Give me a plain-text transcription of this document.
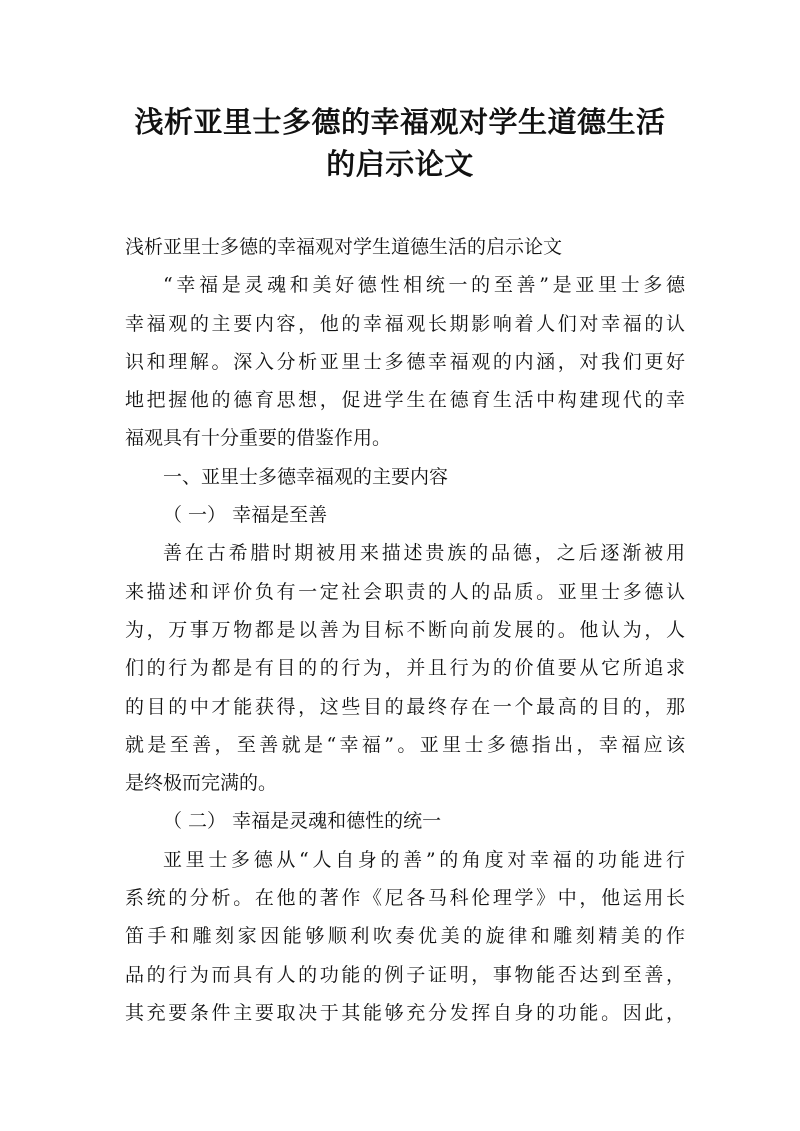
浅析亚里士多德的幸福观对学生道德生活
的启示论文
浅析亚里士多德的幸福观对学生道德生活的启示论文
“幸福是灵魂和美好德性相统一的至善”是亚里士多德
幸福观的主要内容，他的幸福观长期影响着人们对幸福的认
识和理解。深入分析亚里士多德幸福观的内涵，对我们更好
地把握他的德育思想，促进学生在德育生活中构建现代的幸
福观具有十分重要的借鉴作用。
一、亚里士多德幸福观的主要内容
（ 一） 幸福是至善
善在古希腊时期被用来描述贵族的品德，之后逐渐被用
来描述和评价负有一定社会职责的人的品质。亚里士多德认
为，万事万物都是以善为目标不断向前发展的。他认为，人
们的行为都是有目的的行为，并且行为的价值要从它所追求
的目的中才能获得，这些目的最终存在一个最高的目的，那
就是至善，至善就是“幸福”。亚里士多德指出，幸福应该
是终极而完满的。
（ 二） 幸福是灵魂和德性的统一
亚里士多德从“人自身的善”的角度对幸福的功能进行
系统的分析。在他的著作《尼各马科伦理学》中，他运用长
笛手和雕刻家因能够顺利吹奏优美的旋律和雕刻精美的作
品的行为而具有人的功能的例子证明，事物能否达到至善，
其充要条件主要取决于其能够充分发挥自身的功能。因此，
